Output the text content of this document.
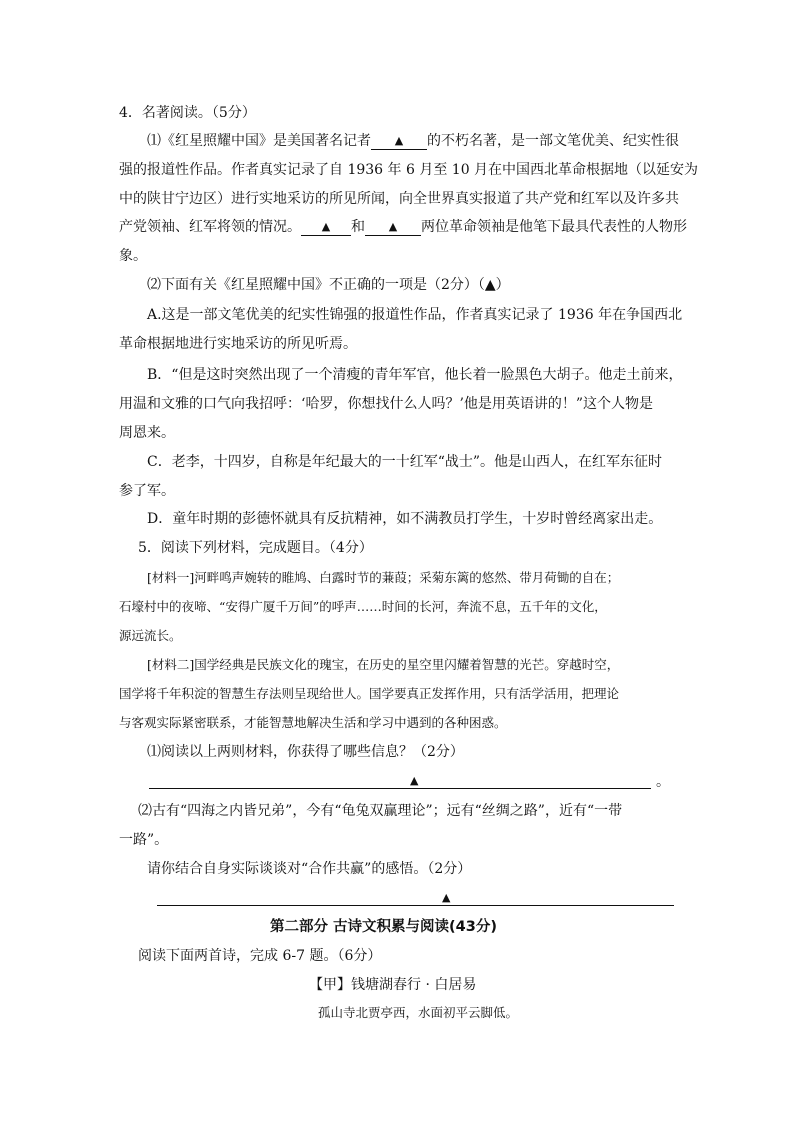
4．名著阅读。（5分）
⑴《红星照耀中国》是美国著名记者 ▲ 的不朽名著，是一部文笔优美、纪实性很
强的报道性作品。作者真实记录了自 1936 年 6 月至 10 月在中国西北革命根据地（以延安为
中的陕甘宁边区）进行实地采访的所见所闻，向全世界真实报道了共产党和红军以及许多共
产党领袖、红军将领的情况。 ▲ 和 ▲ 两位革命领袖是他笔下最具代表性的人物形
象。
⑵下面有关《红星照耀中国》不正确的一项是（2分）（▲）
A.这是一部文笔优美的纪实性锦强的报道性作品，作者真实记录了 1936 年在争国西北
革命根据地进行实地采访的所见听焉。
B．“但是这时突然出现了一个清瘦的青年军官，他长着一脸黑色大胡子。他走土前来，
用温和文雅的口气向我招呼：‘哈罗，你想找什么人吗？’他是用英语讲的！”这个人物是
周恩来。
C．老李，十四岁，自称是年纪最大的一十红军“战士”。他是山西人，在红军东征时
参了军。
D．童年时期的彭德怀就具有反抗精神，如不满教员打学生，十岁时曾经离家出走。
5．阅读下列材料，完成题目。（4分）
[材料一]河畔鸣声婉转的睢鸠、白露时节的蒹葭；采菊东篱的悠然、带月荷锄的自在；
石壕村中的夜啼、“安得广厦千万间”的呼声……时间的长河，奔流不息，五千年的文化，
源远流长。
[材料二]国学经典是民族文化的瑰宝，在历史的星空里闪耀着智慧的光芒。穿越时空，
国学将千年积淀的智慧生存法则呈现给世人。国学要真正发挥作用，只有活学活用，把理论
与客观实际紧密联系，才能智慧地解决生活和学习中遇到的各种困惑。
⑴阅读以上两则材料，你获得了哪些信息？（2分）
▲	。
⑵古有“四海之内皆兄弟”，今有“龟兔双赢理论”；远有“丝绸之路”，近有“一带
一路”。
请你结合自身实际谈谈对“合作共赢”的感悟。（2分）
▲
第二部分 古诗文积累与阅读(43分)
阅读下面两首诗，完成 6-7 题。（6分）
【甲】钱塘湖春行 · 白居易
孤山寺北贾亭西，水面初平云脚低。
